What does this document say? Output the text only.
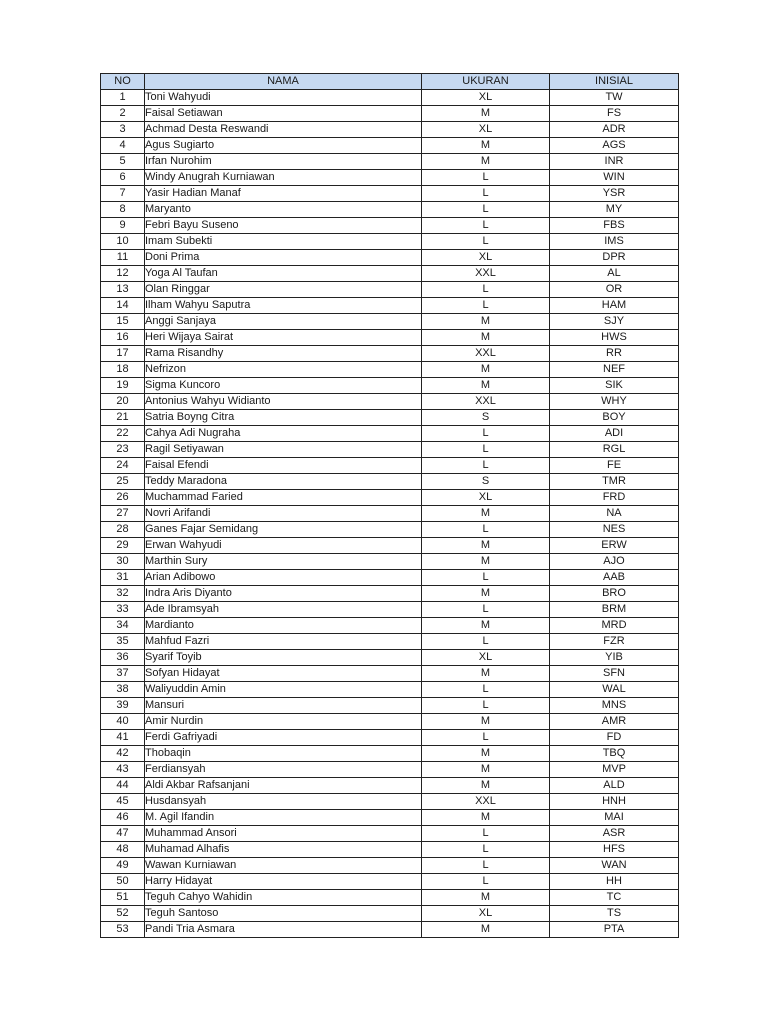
NO	NAMA	UKURAN	INISIAL
1	Toni Wahyudi	XL	TW
2	Faisal Setiawan	M	FS
3	Achmad Desta Reswandi	XL	ADR
4	Agus Sugiarto	M	AGS
5	Irfan Nurohim	M	INR
6	Windy Anugrah Kurniawan	L	WIN
7	Yasir Hadian Manaf	L	YSR
8	Maryanto	L	MY
9	Febri Bayu Suseno	L	FBS
10	Imam Subekti	L	IMS
11	Doni Prima	XL	DPR
12	Yoga Al Taufan	XXL	AL
13	Olan Ringgar	L	OR
14	Ilham Wahyu Saputra	L	HAM
15	Anggi Sanjaya	M	SJY
16	Heri Wijaya Sairat	M	HWS
17	Rama Risandhy	XXL	RR
18	Nefrizon	M	NEF
19	Sigma Kuncoro	M	SIK
20	Antonius Wahyu Widianto	XXL	WHY
21	Satria Boyng Citra	S	BOY
22	Cahya Adi Nugraha	L	ADI
23	Ragil Setiyawan	L	RGL
24	Faisal Efendi	L	FE
25	Teddy Maradona	S	TMR
26	Muchammad Faried	XL	FRD
27	Novri Arifandi	M	NA
28	Ganes Fajar Semidang	L	NES
29	Erwan Wahyudi	M	ERW
30	Marthin Sury	M	AJO
31	Arian Adibowo	L	AAB
32	Indra Aris Diyanto	M	BRO
33	Ade Ibramsyah	L	BRM
34	Mardianto	M	MRD
35	Mahfud Fazri	L	FZR
36	Syarif Toyib	XL	YIB
37	Sofyan Hidayat	M	SFN
38	Waliyuddin Amin	L	WAL
39	Mansuri	L	MNS
40	Amir Nurdin	M	AMR
41	Ferdi Gafriyadi	L	FD
42	Thobaqin	M	TBQ
43	Ferdiansyah	M	MVP
44	Aldi Akbar Rafsanjani	M	ALD
45	Husdansyah	XXL	HNH
46	M. Agil Ifandin	M	MAI
47	Muhammad Ansori	L	ASR
48	Muhamad Alhafis	L	HFS
49	Wawan Kurniawan	L	WAN
50	Harry Hidayat	L	HH
51	Teguh Cahyo Wahidin	M	TC
52	Teguh Santoso	XL	TS
53	Pandi Tria Asmara	M	PTA
